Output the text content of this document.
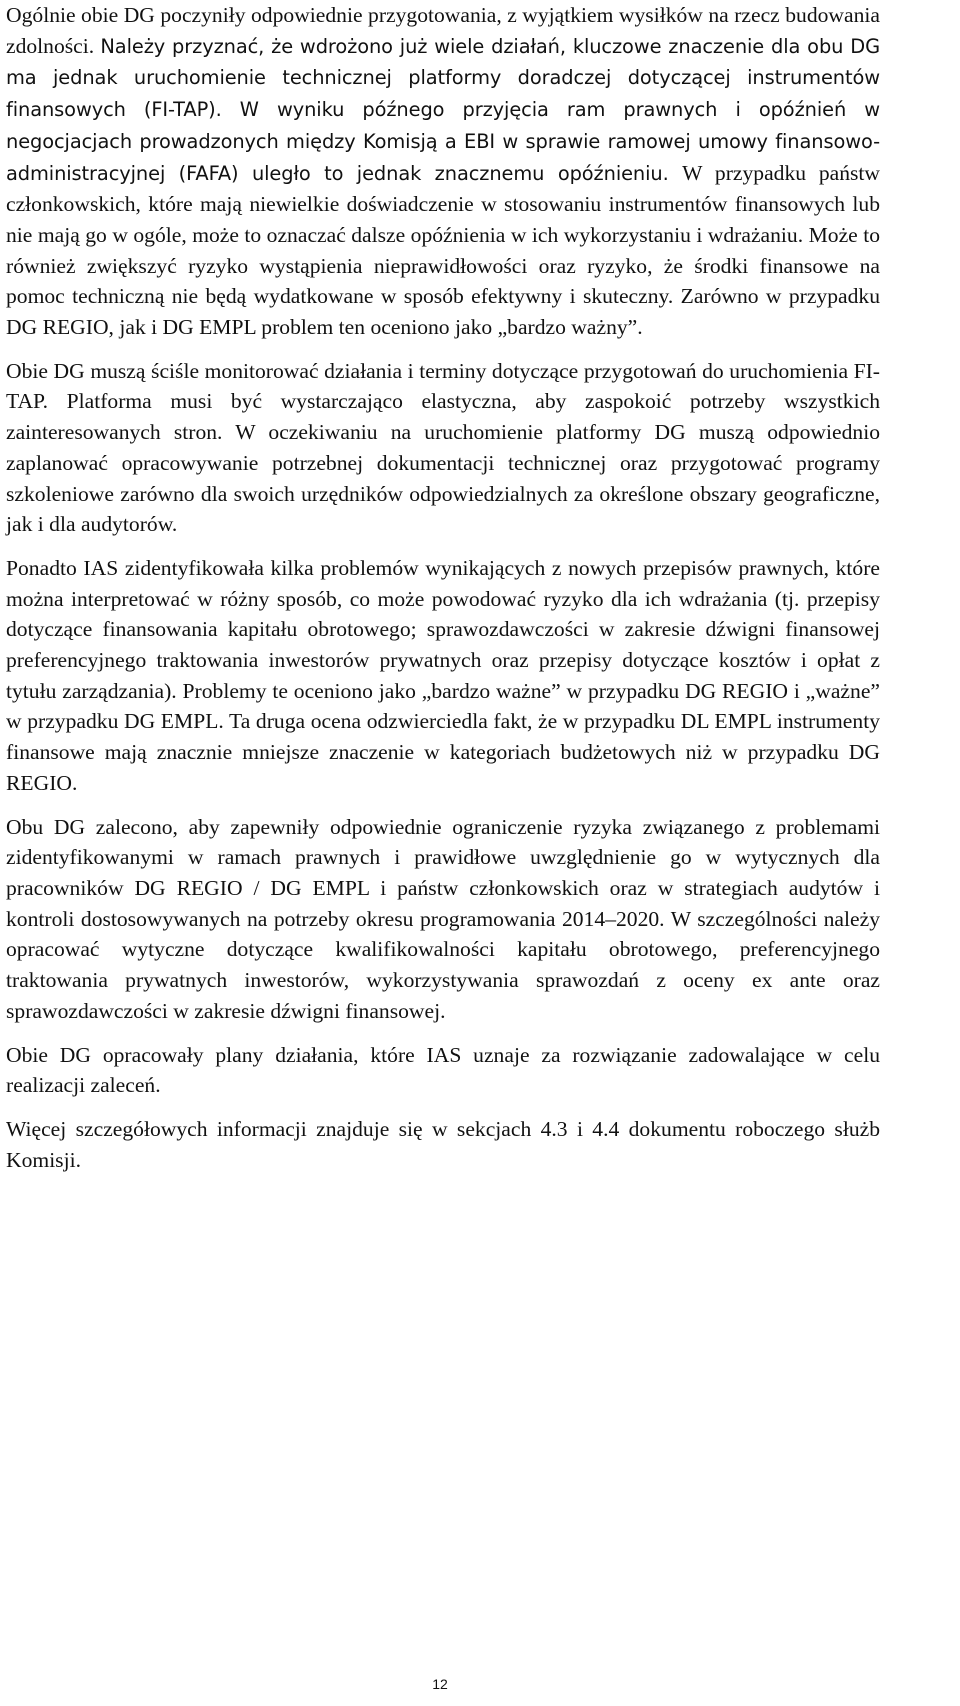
Ogólnie obie DG poczyniły odpowiednie przygotowania, z wyjątkiem wysiłków na rzecz budowania zdolności. Należy przyznać, że wdrożono już wiele działań, kluczowe znaczenie dla obu DG ma jednak uruchomienie technicznej platformy doradczej dotyczącej instrumentów finansowych (FI-TAP). W wyniku późnego przyjęcia ram prawnych i opóźnień w negocjacjach prowadzonych między Komisją a EBI w sprawie ramowej umowy finansowo-administracyjnej (FAFA) uległo to jednak znacznemu opóźnieniu. W przypadku państw członkowskich, które mają niewielkie doświadczenie w stosowaniu instrumentów finansowych lub nie mają go w ogóle, może to oznaczać dalsze opóźnienia w ich wykorzystaniu i wdrażaniu. Może to również zwiększyć ryzyko wystąpienia nieprawidłowości oraz ryzyko, że środki finansowe na pomoc techniczną nie będą wydatkowane w sposób efektywny i skuteczny. Zarówno w przypadku DG REGIO, jak i DG EMPL problem ten oceniono jako „bardzo ważny”.

Obie DG muszą ściśle monitorować działania i terminy dotyczące przygotowań do uruchomienia FI-TAP. Platforma musi być wystarczająco elastyczna, aby zaspokoić potrzeby wszystkich zainteresowanych stron. W oczekiwaniu na uruchomienie platformy DG muszą odpowiednio zaplanować opracowywanie potrzebnej dokumentacji technicznej oraz przygotować programy szkoleniowe zarówno dla swoich urzędników odpowiedzialnych za określone obszary geograficzne, jak i dla audytorów.

Ponadto IAS zidentyfikowała kilka problemów wynikających z nowych przepisów prawnych, które można interpretować w różny sposób, co może powodować ryzyko dla ich wdrażania (tj. przepisy dotyczące finansowania kapitału obrotowego; sprawozdawczości w zakresie dźwigni finansowej preferencyjnego traktowania inwestorów prywatnych oraz przepisy dotyczące kosztów i opłat z tytułu zarządzania). Problemy te oceniono jako „bardzo ważne” w przypadku DG REGIO i „ważne” w przypadku DG EMPL. Ta druga ocena odzwierciedla fakt, że w przypadku DL EMPL instrumenty finansowe mają znacznie mniejsze znaczenie w kategoriach budżetowych niż w przypadku DG REGIO.

Obu DG zalecono, aby zapewniły odpowiednie ograniczenie ryzyka związanego z problemami zidentyfikowanymi w ramach prawnych i prawidłowe uwzględnienie go w wytycznych dla pracowników DG REGIO / DG EMPL i państw członkowskich oraz w strategiach audytów i kontroli dostosowywanych na potrzeby okresu programowania 2014–2020. W szczególności należy opracować wytyczne dotyczące kwalifikowalności kapitału obrotowego, preferencyjnego traktowania prywatnych inwestorów, wykorzystywania sprawozdań z oceny ex ante oraz sprawozdawczości w zakresie dźwigni finansowej.

Obie DG opracowały plany działania, które IAS uznaje za rozwiązanie zadowalające w celu realizacji zaleceń.

Więcej szczegółowych informacji znajduje się w sekcjach 4.3 i 4.4 dokumentu roboczego służb Komisji.

12
